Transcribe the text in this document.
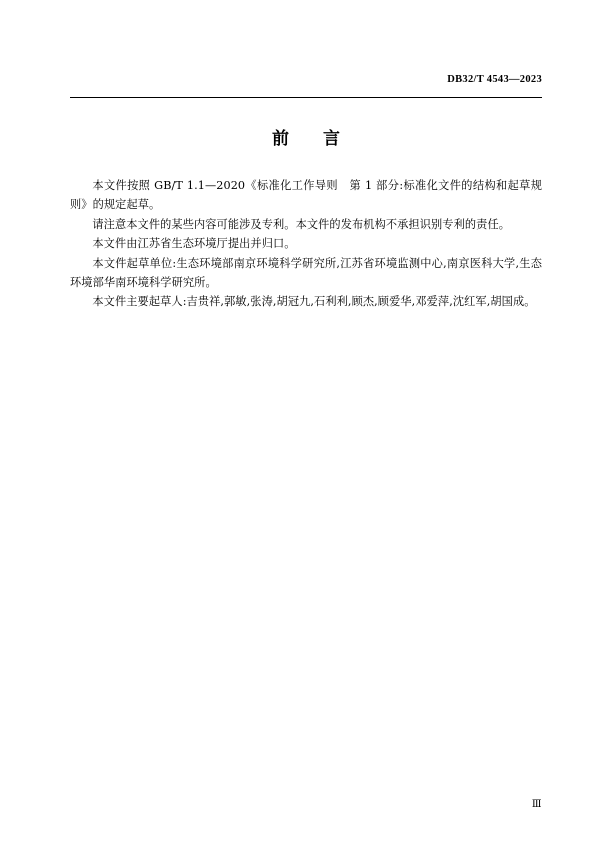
DB32/T 4543—2023
前 言

本文件按照 GB/T 1.1—2020《标准化工作导则　第 1 部分:标准化文件的结构和起草规则》的规定起草。

请注意本文件的某些内容可能涉及专利。本文件的发布机构不承担识别专利的责任。

本文件由江苏省生态环境厅提出并归口。

本文件起草单位:生态环境部南京环境科学研究所,江苏省环境监测中心,南京医科大学,生态环境部华南环境科学研究所。

本文件主要起草人:吉贵祥,郭敏,张涛,胡冠九,石利利,顾杰,顾爱华,邓爱萍,沈红军,胡国成。

Ⅲ
